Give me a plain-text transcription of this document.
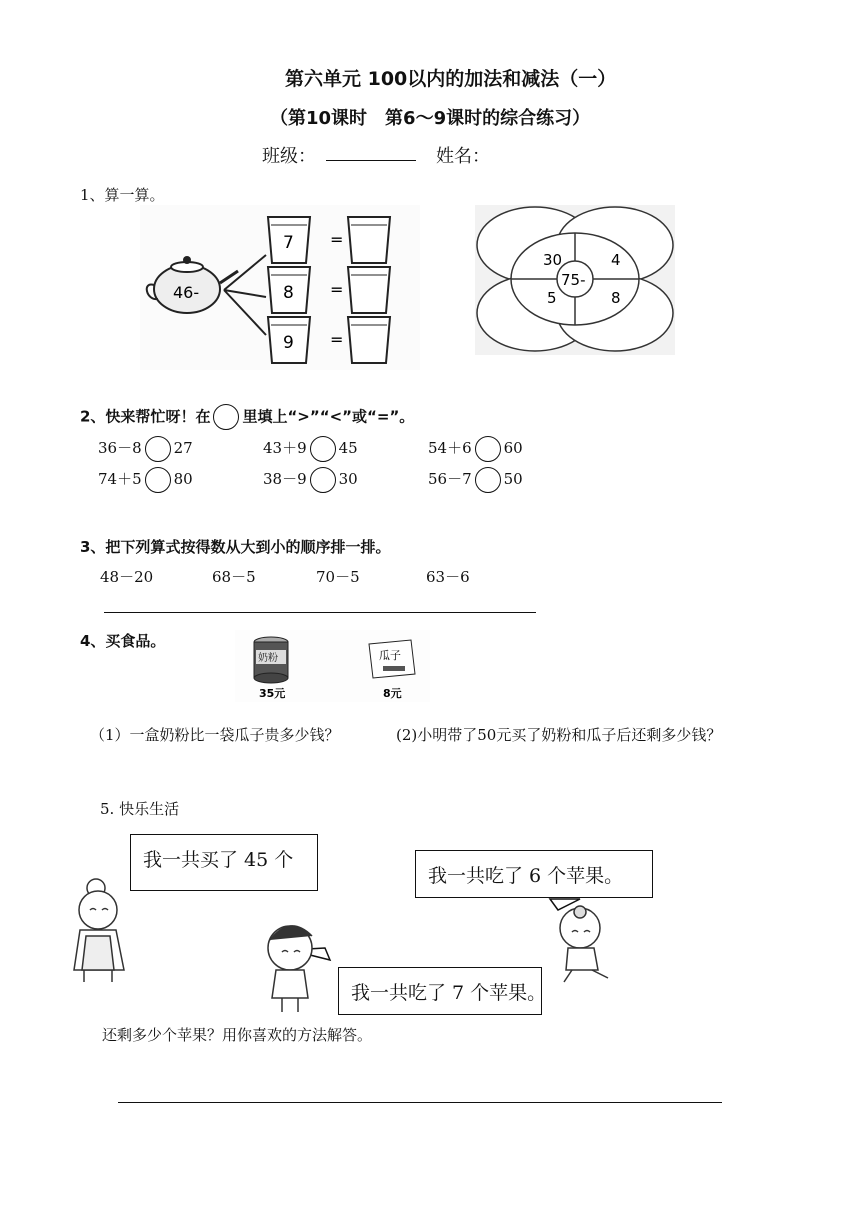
第六单元 100以内的加法和减法（一）
（第10课时　第6～9课时的综合练习）
班级：	姓名：
1、算一算。
46-
7
8
9
=
=
=
75-
30	4
5	8
2、快来帮忙呀！在 里填上“>”“<”或“=”。
36－8 27	43＋9 45	54＋6 60
74＋5 80	38－9 30	56－7 50
3、把下列算式按得数从大到小的顺序排一排。
48－20	68－5	70－5	63－6
4、买食品。
奶粉
35元
瓜子
8元
（1）一盒奶粉比一袋瓜子贵多少钱？	(2)小明带了50元买了奶粉和瓜子后还剩多少钱？
5. 快乐生活
我一共买了 45 个
我一共吃了 6 个苹果。
我一共吃了 7 个苹果。
还剩多少个苹果？用你喜欢的方法解答。
